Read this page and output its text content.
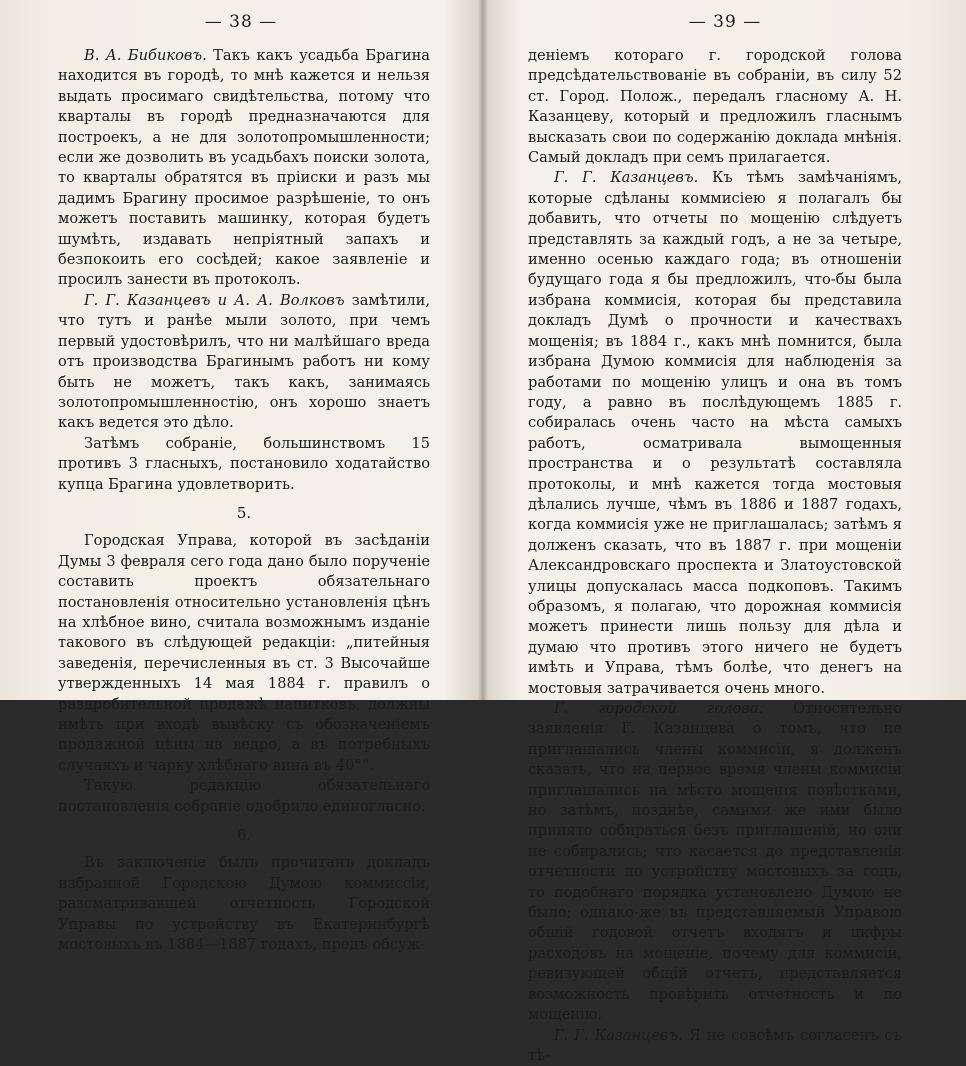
— 38 —

В. А. Бибиковъ. Такъ какъ усадьба Брагина находится въ городѣ, то мнѣ кажется и нельзя выдать просимаго свидѣтельства, потому что кварталы въ городѣ предназначаются для построекъ, а не для золотопромышленности; если же дозволить въ усадьбахъ поиски золота, то кварталы обратятся въ пріиски и разъ мы дадимъ Брагину просимое разрѣшеніе, то онъ можетъ поставить машинку, которая будетъ шумѣть, издавать непріятный запахъ и безпокоить его сосѣдей; какое заявленіе и просилъ занести въ протоколъ.

Г. Г. Казанцевъ и А. А. Волковъ замѣтили, что тутъ и ранѣе мыли золото, при чемъ первый удостовѣрилъ, что ни малѣйшаго вреда отъ производства Брагинымъ работъ ни кому быть не можетъ, такъ какъ, занимаясь золотопромышленностію, онъ хорошо знаетъ какъ ведется это дѣло.

Затѣмъ собраніе, большинствомъ 15 противъ 3 гласныхъ, постановило ходатайство купца Брагина удовлетворить.

5.

Городская Управа, которой въ засѣданіи Думы 3 февраля сего года дано было порученіе составить проектъ обязательнаго постановленія относительно установленія цѣнъ на хлѣбное вино, считала возможнымъ изданіе такового въ слѣдующей редакціи: „питейныя заведенія, перечисленныя въ ст. 3 Высочайше утвержденныхъ 14 мая 1884 г. правилъ о раздробительной продажѣ напитковъ, должны имѣть при входѣ вывѣску съ обозначеніемъ продажной цѣны на ведро, а въ потребныхъ случаяхъ и чарку хлѣбнаго вина въ 40°“.

Такую редакцію обязательнаго постановленія собраніе одобрило единогласно.

6.

Въ заключеніе былъ прочитанъ докладъ избранной Городскою Думою коммиссіи, разсматривавшей отчетность Городской Управы по устройству въ Екатеринбургѣ мостовыхъ въ 1884—1887 годахъ, предъ обсуж-

— 39 —

деніемъ котораго г. городской голова предсѣдательствованіе въ собраніи, въ силу 52 ст. Город. Полож., передалъ гласному А. Н. Казанцеву, который и предложилъ гласнымъ высказать свои по содержанію доклада мнѣнія. Самый докладъ при семъ прилагается.

Г. Г. Казанцевъ. Къ тѣмъ замѣчаніямъ, которые сдѣланы коммисіею я полагалъ бы добавить, что отчеты по мощенію слѣдуетъ представлять за каждый годъ, а не за четыре, именно осенью каждаго года; въ отношеніи будущаго года я бы предложилъ, что-бы была избрана коммисія, которая бы представила докладъ Думѣ о прочности и качествахъ мощенія; въ 1884 г., какъ мнѣ помнится, была избрана Думою коммисія для наблюденія за работами по мощенію улицъ и она въ томъ году, а равно въ послѣдующемъ 1885 г. собиралась очень часто на мѣста самыхъ работъ, осматривала вымощенныя пространства и о результатѣ составляла протоколы, и мнѣ кажется тогда мостовыя дѣлались лучше, чѣмъ въ 1886 и 1887 годахъ, когда коммисія уже не приглашалась; затѣмъ я долженъ сказать, что въ 1887 г. при мощеніи Александровскаго проспекта и Златоустовской улицы допускалась масса подкоповъ. Такимъ образомъ, я полагаю, что дорожная коммисія можетъ принести лишь пользу для дѣла и думаю что противъ этого ничего не будетъ имѣть и Управа, тѣмъ болѣе, что денегъ на мостовыя затрачивается очень много.

Г. городской голова. Относительно заявленія Г. Казанцева о томъ, что не приглашались члены коммисіи, я долженъ сказать, что на первое время члены коммисіи приглашались на мѣсто мощенія повѣстками, но затѣмъ, позднѣе, самими же ими было принято собираться безъ приглашеній, но они не собирались; что касается до представленія отчетности по устройству мостовыхъ за годъ, то подобнаго порядка установлено Думою не было; однако-же въ представляемый Управою общій годовой отчетъ входятъ и цифры расходовъ на мощеніе, почему для коммисіи, ревизующей общій отчетъ, представляется возможность провѣрить отчетность и по мощенію.

Г. Г. Казанцевъ. Я не совсѣмъ согласенъ съ тѣ-
